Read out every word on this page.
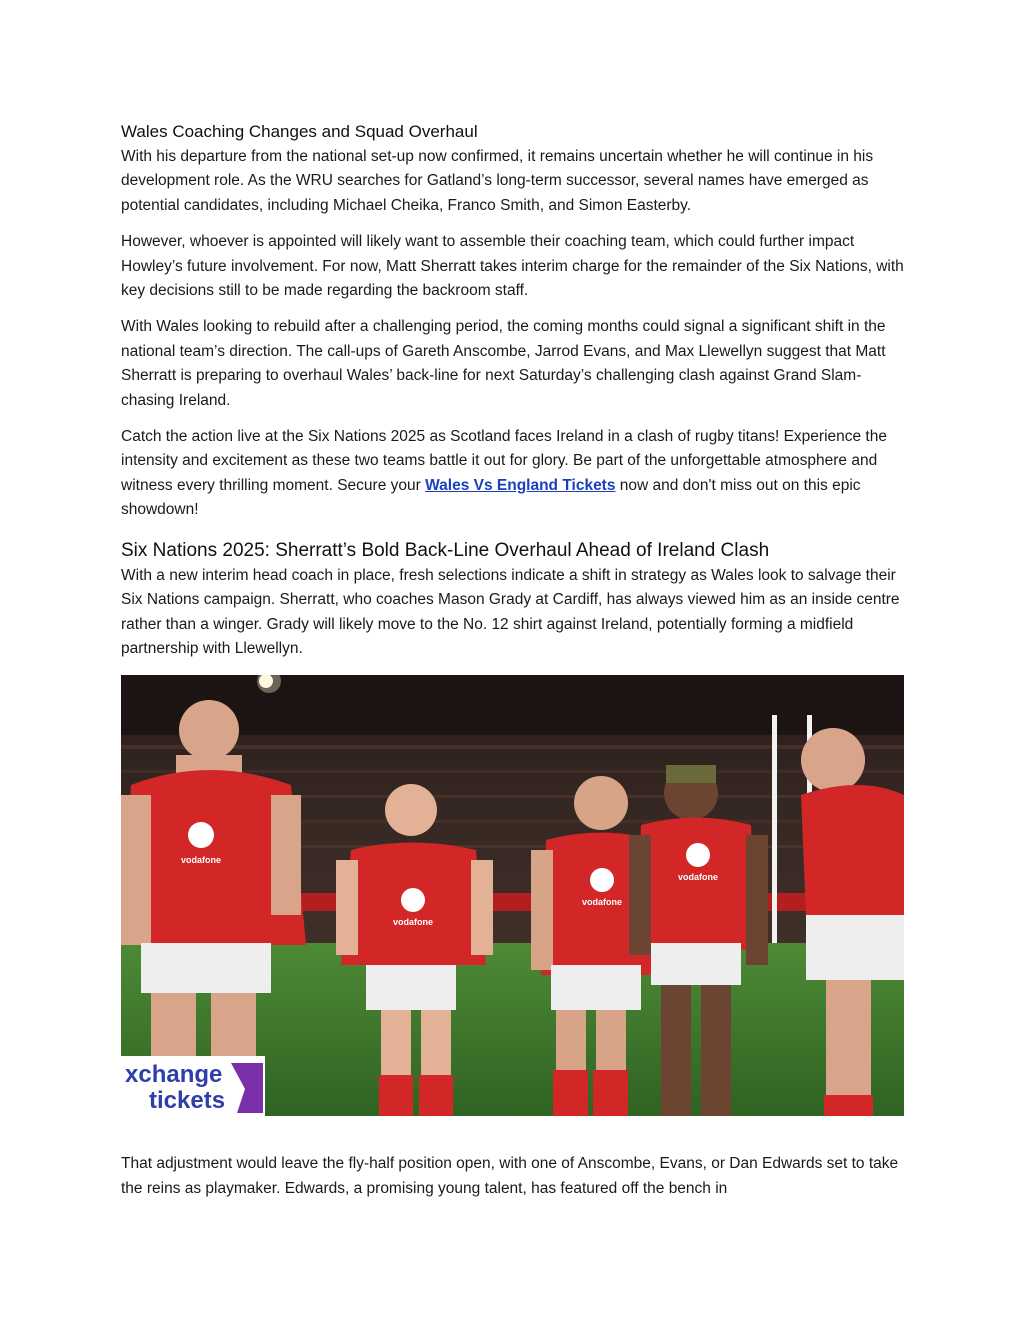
Wales Coaching Changes and Squad Overhaul

With his departure from the national set-up now confirmed, it remains uncertain whether he will continue in his development role. As the WRU searches for Gatland’s long-term successor, several names have emerged as potential candidates, including Michael Cheika, Franco Smith, and Simon Easterby.

However, whoever is appointed will likely want to assemble their coaching team, which could further impact Howley’s future involvement. For now, Matt Sherratt takes interim charge for the remainder of the Six Nations, with key decisions still to be made regarding the backroom staff.

With Wales looking to rebuild after a challenging period, the coming months could signal a significant shift in the national team’s direction. The call-ups of Gareth Anscombe, Jarrod Evans, and Max Llewellyn suggest that Matt Sherratt is preparing to overhaul Wales’ back-line for next Saturday’s challenging clash against Grand Slam-chasing Ireland.

Catch the action live at the Six Nations 2025 as Scotland faces Ireland in a clash of rugby titans! Experience the intensity and excitement as these two teams battle it out for glory. Be part of the unforgettable atmosphere and witness every thrilling moment. Secure your Wales Vs England Tickets now and don't miss out on this epic showdown!

Six Nations 2025: Sherratt’s Bold Back-Line Overhaul Ahead of Ireland Clash

With a new interim head coach in place, fresh selections indicate a shift in strategy as Wales look to salvage their Six Nations campaign. Sherratt, who coaches Mason Grady at Cardiff, has always viewed him as an inside centre rather than a winger. Grady will likely move to the No. 12 shirt against Ireland, potentially forming a midfield partnership with Llewellyn.

vodafone
vodafone
vodafone
vodafone
xchange
tickets

That adjustment would leave the fly-half position open, with one of Anscombe, Evans, or Dan Edwards set to take the reins as playmaker. Edwards, a promising young talent, has featured off the bench in
